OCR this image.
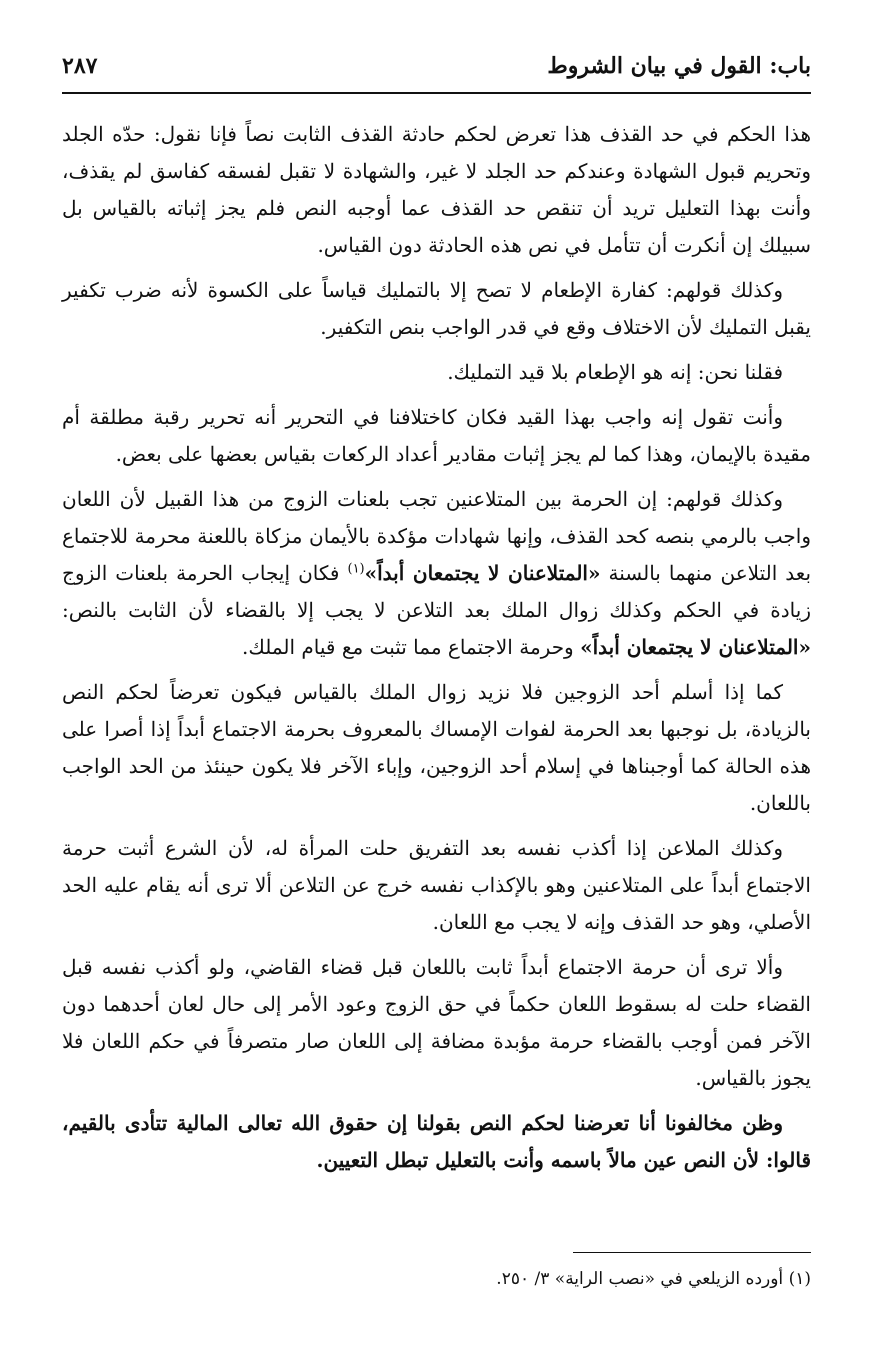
باب: القول في بيان الشروط
٢٨٧

هذا الحكم في حد القذف هذا تعرض لحكم حادثة القذف الثابت نصاً فإنا نقول: حدّه الجلد وتحريم قبول الشهادة وعندكم حد الجلد لا غير، والشهادة لا تقبل لفسقه كفاسق لم يقذف، وأنت بهذا التعليل تريد أن تنقص حد القذف عما أوجبه النص فلم يجز إثباته بالقياس بل سبيلك إن أنكرت أن تتأمل في نص هذه الحادثة دون القياس.

وكذلك قولهم: كفارة الإطعام لا تصح إلا بالتمليك قياساً على الكسوة لأنه ضرب تكفير يقبل التمليك لأن الاختلاف وقع في قدر الواجب بنص التكفير.

فقلنا نحن: إنه هو الإطعام بلا قيد التمليك.

وأنت تقول إنه واجب بهذا القيد فكان كاختلافنا في التحرير أنه تحرير رقبة مطلقة أم مقيدة بالإيمان، وهذا كما لم يجز إثبات مقادير أعداد الركعات بقياس بعضها على بعض.

وكذلك قولهم: إن الحرمة بين المتلاعنين تجب بلعنات الزوج من هذا القبيل لأن اللعان واجب بالرمي بنصه كحد القذف، وإنها شهادات مؤكدة بالأيمان مزكاة باللعنة محرمة للاجتماع بعد التلاعن منهما بالسنة «المتلاعنان لا يجتمعان أبداً»$^{(١)}$ فكان إيجاب الحرمة بلعنات الزوج زيادة في الحكم وكذلك زوال الملك بعد التلاعن لا يجب إلا بالقضاء لأن الثابت بالنص: «المتلاعنان لا يجتمعان أبداً» وحرمة الاجتماع مما تثبت مع قيام الملك.

كما إذا أسلم أحد الزوجين فلا نزيد زوال الملك بالقياس فيكون تعرضاً لحكم النص بالزيادة، بل نوجبها بعد الحرمة لفوات الإمساك بالمعروف بحرمة الاجتماع أبداً إذا أصرا على هذه الحالة كما أوجبناها في إسلام أحد الزوجين، وإباء الآخر فلا يكون حينئذ من الحد الواجب باللعان.

وكذلك الملاعن إذا أكذب نفسه بعد التفريق حلت المرأة له، لأن الشرع أثبت حرمة الاجتماع أبداً على المتلاعنين وهو بالإكذاب نفسه خرج عن التلاعن ألا ترى أنه يقام عليه الحد الأصلي، وهو حد القذف وإنه لا يجب مع اللعان.

وألا ترى أن حرمة الاجتماع أبداً ثابت باللعان قبل قضاء القاضي، ولو أكذب نفسه قبل القضاء حلت له بسقوط اللعان حكماً في حق الزوج وعود الأمر إلى حال لعان أحدهما دون الآخر فمن أوجب بالقضاء حرمة مؤبدة مضافة إلى اللعان صار متصرفاً في حكم اللعان فلا يجوز بالقياس.

وظن مخالفونا أنا تعرضنا لحكم النص بقولنا إن حقوق الله تعالى المالية تتأدى بالقيم، قالوا: لأن النص عين مالاً باسمه وأنت بالتعليل تبطل التعيين.

(١) أورده الزيلعي في «نصب الراية» ٣/ ٢٥٠.
